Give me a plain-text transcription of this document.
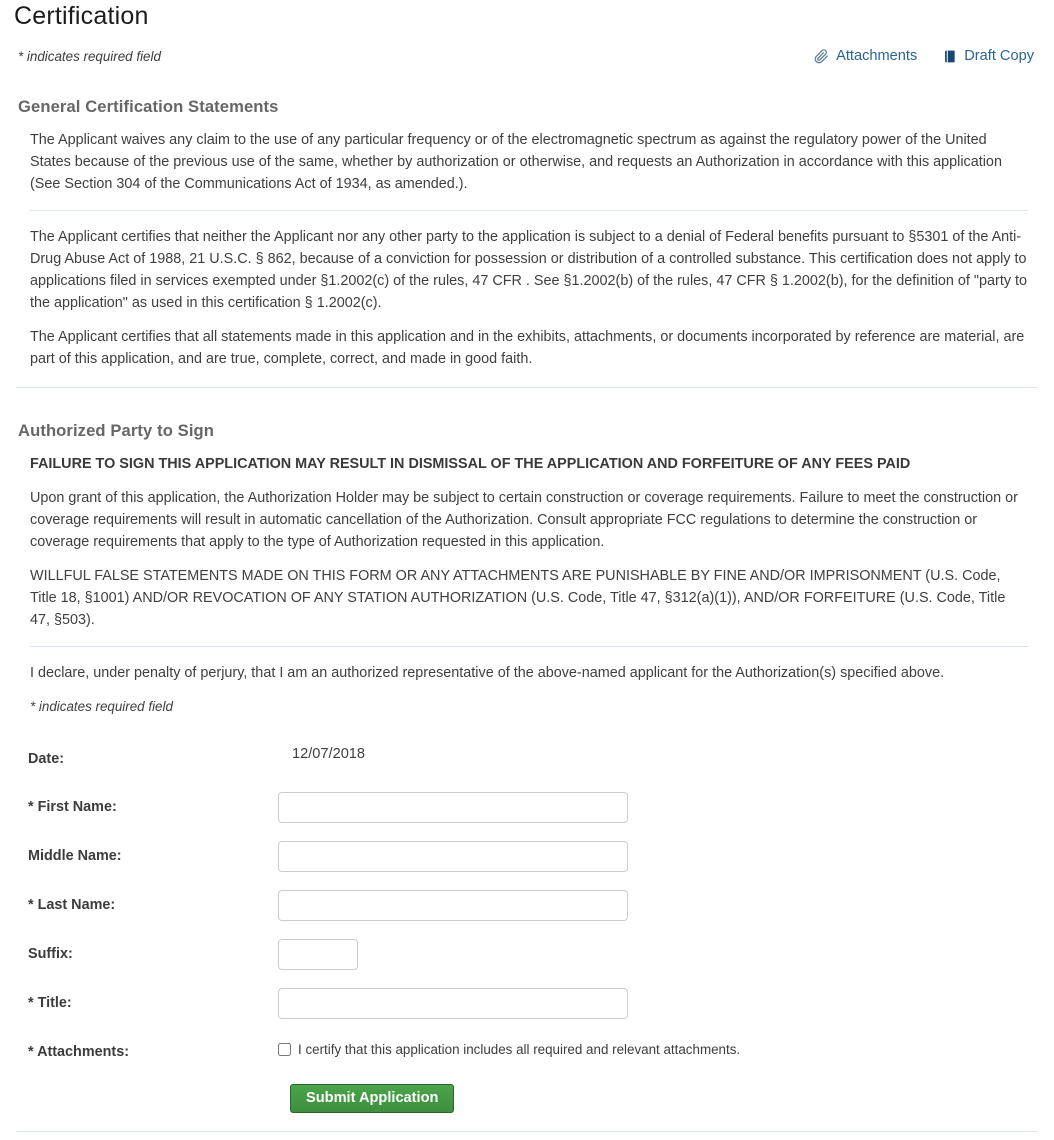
Certification
* indicates required field	Attachments	Draft Copy
General Certification Statements

The Applicant waives any claim to the use of any particular frequency or of the electromagnetic spectrum as against the regulatory power of the United States because of the previous use of the same, whether by authorization or otherwise, and requests an Authorization in accordance with this application (See Section 304 of the Communications Act of 1934, as amended.).

The Applicant certifies that neither the Applicant nor any other party to the application is subject to a denial of Federal benefits pursuant to §5301 of the Anti-Drug Abuse Act of 1988, 21 U.S.C. § 862, because of a conviction for possession or distribution of a controlled substance. This certification does not apply to applications filed in services exempted under §1.2002(c) of the rules, 47 CFR . See §1.2002(b) of the rules, 47 CFR § 1.2002(b), for the definition of "party to the application" as used in this certification § 1.2002(c).

The Applicant certifies that all statements made in this application and in the exhibits, attachments, or documents incorporated by reference are material, are part of this application, and are true, complete, correct, and made in good faith.

Authorized Party to Sign

FAILURE TO SIGN THIS APPLICATION MAY RESULT IN DISMISSAL OF THE APPLICATION AND FORFEITURE OF ANY FEES PAID

Upon grant of this application, the Authorization Holder may be subject to certain construction or coverage requirements. Failure to meet the construction or coverage requirements will result in automatic cancellation of the Authorization. Consult appropriate FCC regulations to determine the construction or coverage requirements that apply to the type of Authorization requested in this application.

WILLFUL FALSE STATEMENTS MADE ON THIS FORM OR ANY ATTACHMENTS ARE PUNISHABLE BY FINE AND/OR IMPRISONMENT (U.S. Code, Title 18, §1001) AND/OR REVOCATION OF ANY STATION AUTHORIZATION (U.S. Code, Title 47, §312(a)(1)), AND/OR FORFEITURE (U.S. Code, Title 47, §503).

I declare, under penalty of perjury, that I am an authorized representative of the above-named applicant for the Authorization(s) specified above.

* indicates required field

Date:	12/07/2018
* First Name:
Middle Name:
* Last Name:
Suffix:
* Title:
* Attachments:	I certify that this application includes all required and relevant attachments.
Submit Application
